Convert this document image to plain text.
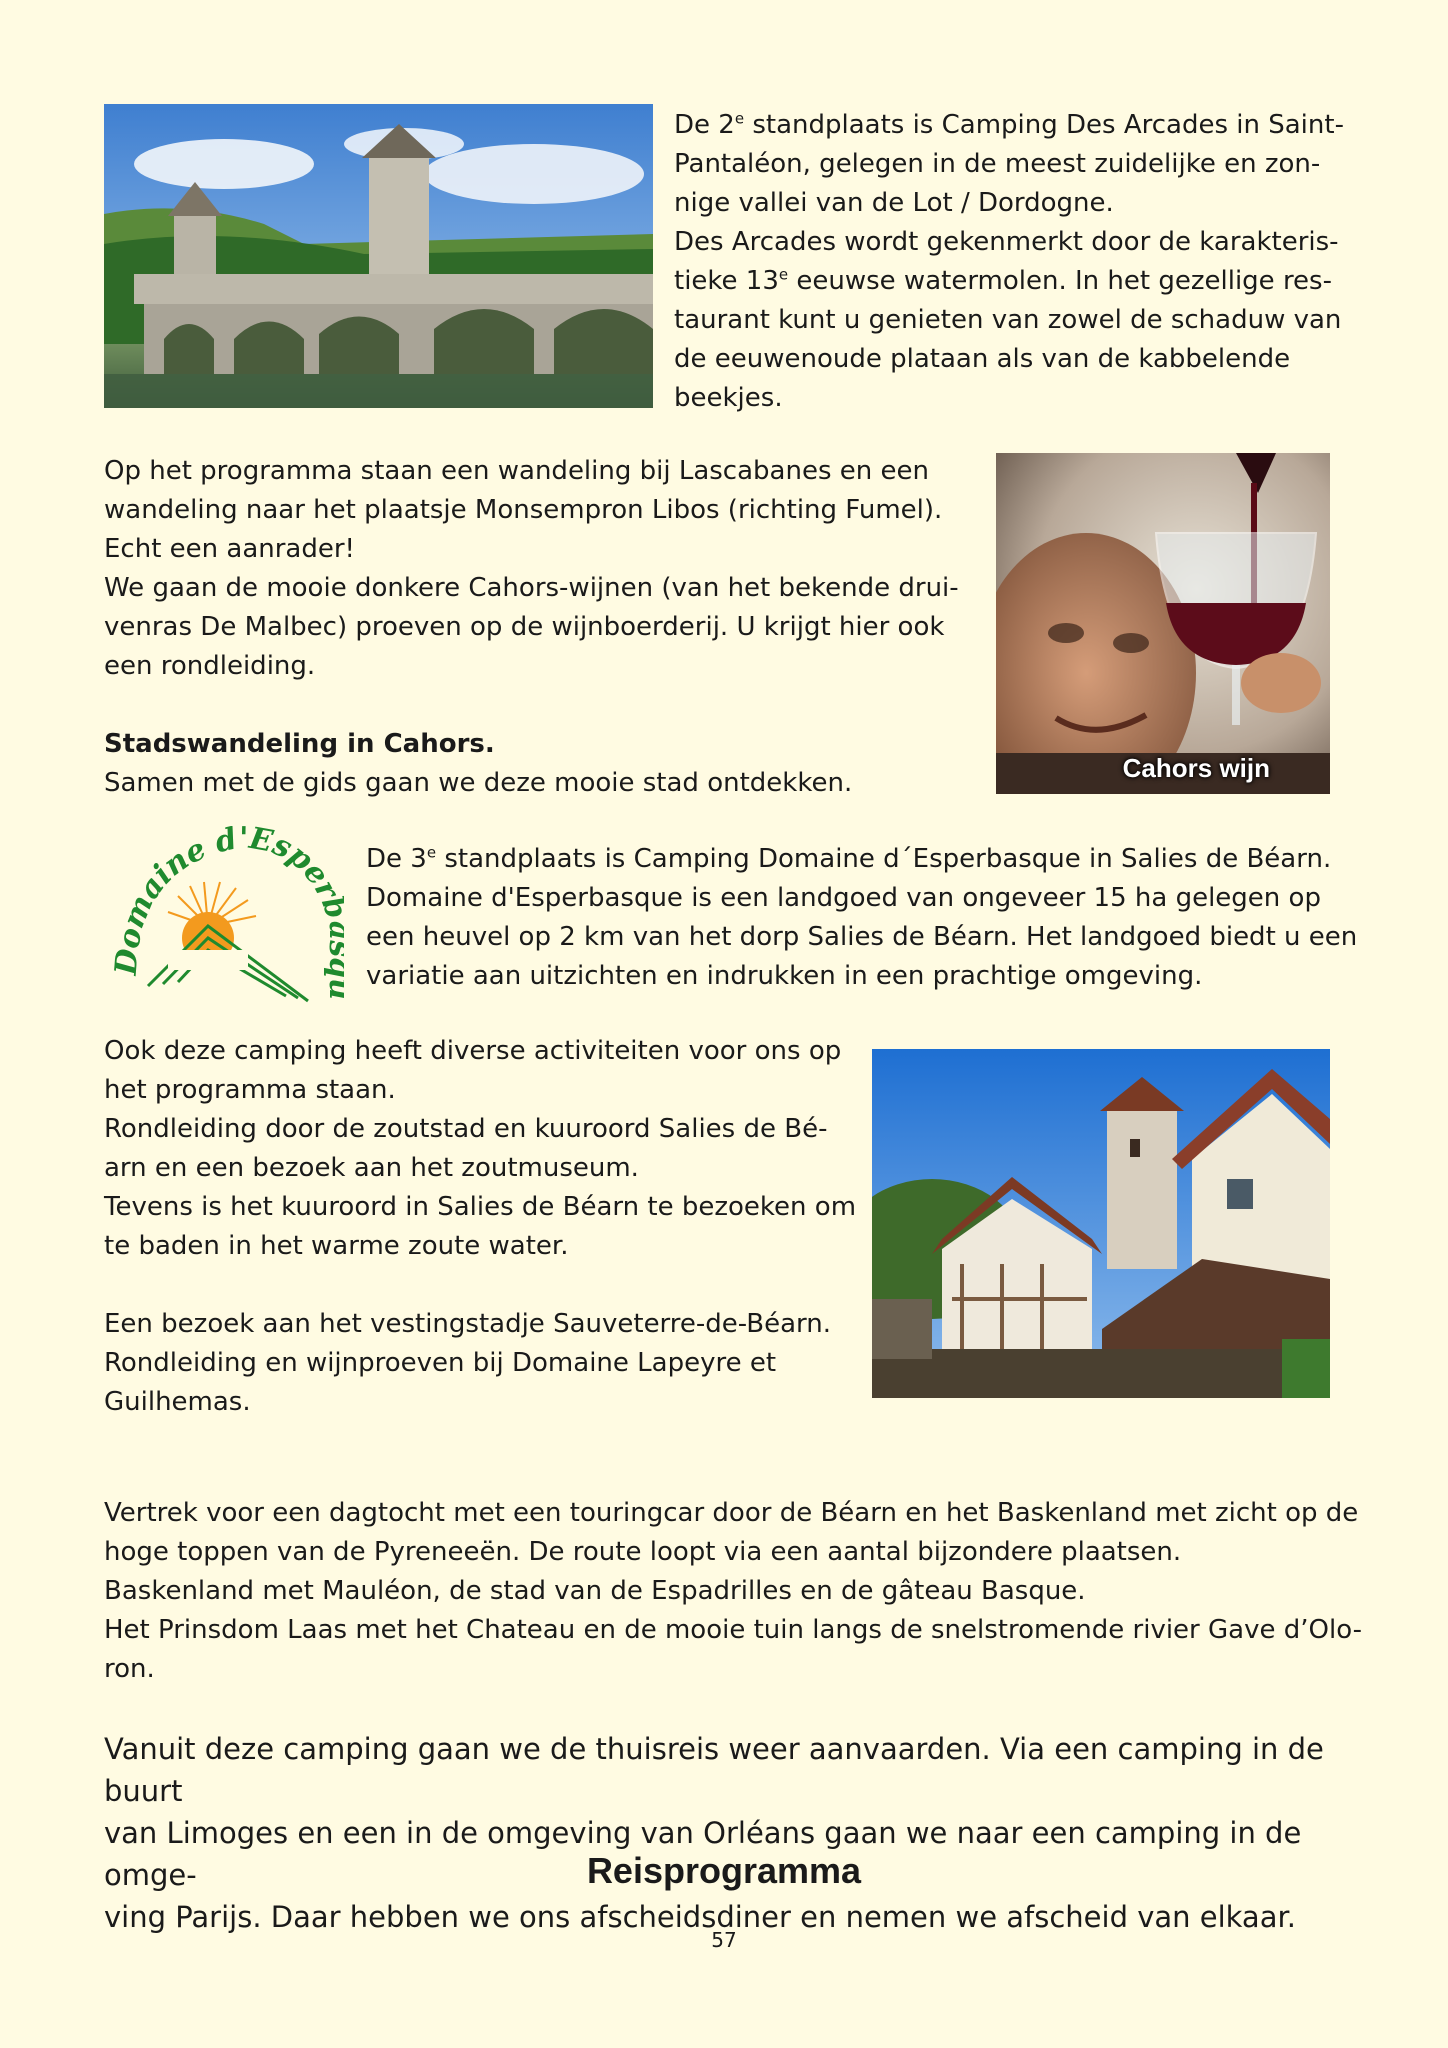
De 2e standplaats is Camping Des Arcades in Saint-

Pantaléon, gelegen in de meest zuidelijke en zon-

nige vallei van de Lot / Dordogne.

Des Arcades wordt gekenmerkt door de karakteris-

tieke 13e eeuwse watermolen. In het gezellige res-

taurant kunt u genieten van zowel de schaduw van

de eeuwenoude plataan als van de kabbelende

beekjes.

Op het programma staan een wandeling bij Lascabanes en een

wandeling naar het plaatsje Monsempron Libos (richting Fumel).

Echt een aanrader!

We gaan de mooie donkere Cahors-wijnen (van het bekende drui-

venras De Malbec) proeven op de wijnboerderij. U krijgt hier ook

een rondleiding.

Stadswandeling in Cahors.

Samen met de gids gaan we deze mooie stad ontdekken.	Cahors wijn
Domaine d'Esper

De 3e standplaats is Camping Domaine d´Esperbasque in Salies de Béarn.

Domaine d'Esperbasque is een landgoed van ongeveer 15 ha gelegen op

een heuvel op 2 km van het dorp Salies de Béarn. Het landgoed biedt u een

variatie aan uitzichten en indrukken in een prachtige omgeving.

Ook deze camping heeft diverse activiteiten voor ons op

het programma staan.

Rondleiding door de zoutstad en kuuroord Salies de Bé-

arn en een bezoek aan het zoutmuseum.

Tevens is het kuuroord in Salies de Béarn te bezoeken om

te baden in het warme zoute water.

Een bezoek aan het vestingstadje Sauveterre-de-Béarn.

Rondleiding en wijnproeven bij Domaine Lapeyre et

Guilhemas.

Vertrek voor een dagtocht met een touringcar door de Béarn en het Baskenland met zicht op de

hoge toppen van de Pyreneeën. De route loopt via een aantal bijzondere plaatsen.

Baskenland met Mauléon, de stad van de Espadrilles en de gâteau Basque.

Het Prinsdom Laas met het Chateau en de mooie tuin langs de snelstromende rivier Gave d’Olo-

ron.

Vanuit deze camping gaan we de thuisreis weer aanvaarden. Via een camping in de buurt

van Limoges en een in de omgeving van Orléans gaan we naar een camping in de omge-

ving Parijs. Daar hebben we ons afscheidsdiner en nemen we afscheid van elkaar.

Reisprogramma
57
